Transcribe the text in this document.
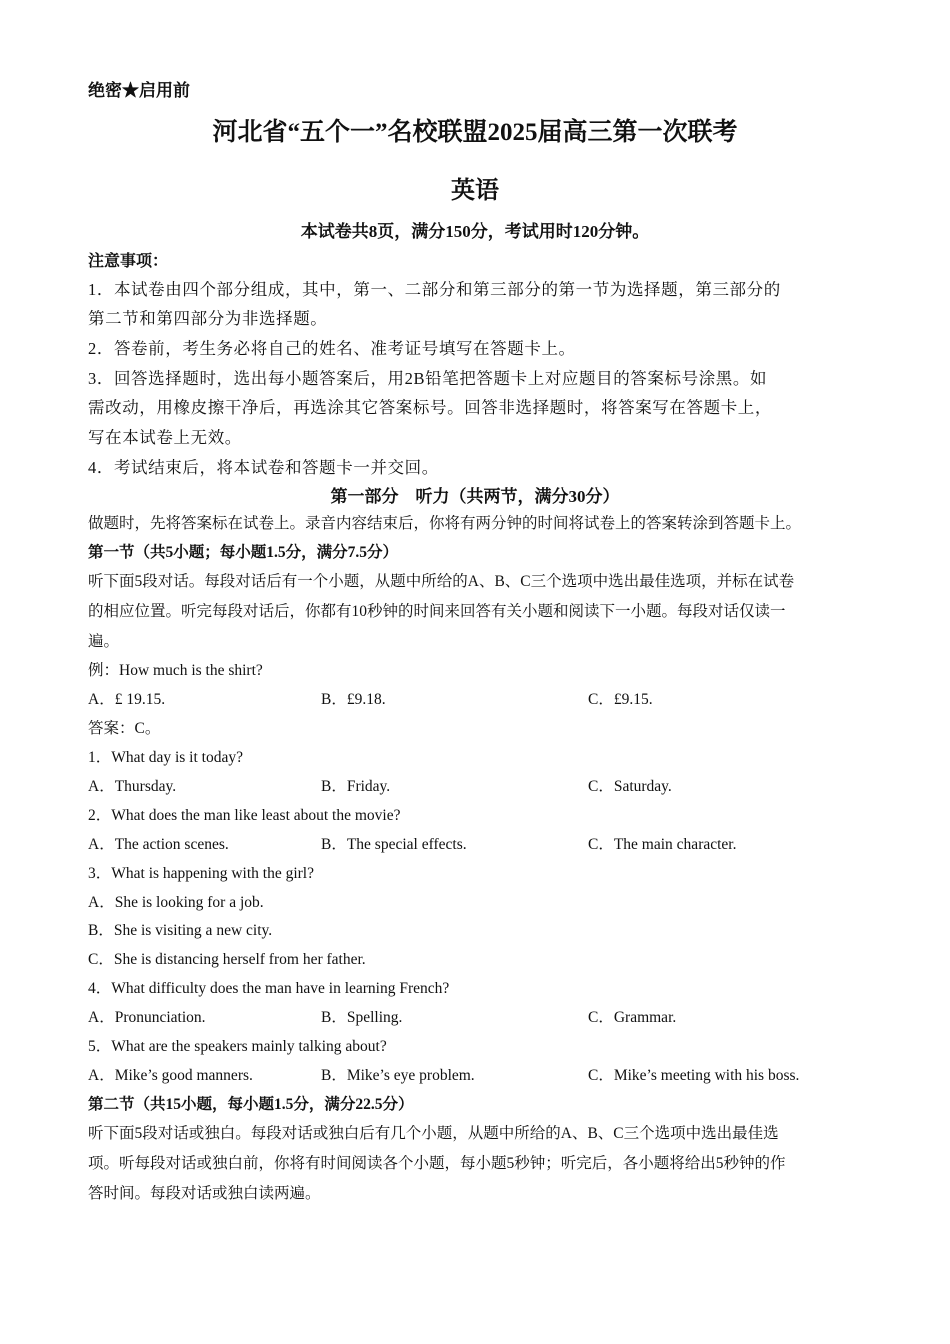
绝密★启用前
河北省“五个一”名校联盟2025届高三第一次联考
英语
本试卷共8页，满分150分，考试用时120分钟。
注意事项：
1．本试卷由四个部分组成，其中，第一、二部分和第三部分的第一节为选择题，第三部分的
第二节和第四部分为非选择题。
2．答卷前，考生务必将自己的姓名、准考证号填写在答题卡上。
3．回答选择题时，选出每小题答案后，用2B铅笔把答题卡上对应题目的答案标号涂黑。如
需改动，用橡皮擦干净后，再选涂其它答案标号。回答非选择题时，将答案写在答题卡上，
写在本试卷上无效。
4．考试结束后，将本试卷和答题卡一并交回。
第一部分　听力（共两节，满分30分）
做题时，先将答案标在试卷上。录音内容结束后，你将有两分钟的时间将试卷上的答案转涂到答题卡上。
第一节（共5小题；每小题1.5分，满分7.5分）
听下面5段对话。每段对话后有一个小题，从题中所给的A、B、C三个选项中选出最佳选项，并标在试卷
的相应位置。听完每段对话后，你都有10秒钟的时间来回答有关小题和阅读下一小题。每段对话仅读一
遍。
例：How much is the shirt?
A．£ 19.15.	B．£9.18.	C．£9.15.
答案：C。
1．What day is it today?
A．Thursday.	B．Friday.	C．Saturday.
2．What does the man like least about the movie?
A．The action scenes.	B．The special effects.	C．The main character.
3．What is happening with the girl?
A．She is looking for a job.
B．She is visiting a new city.
C．She is distancing herself from her father.
4．What difficulty does the man have in learning French?
A．Pronunciation.	B．Spelling.	C．Grammar.
5．What are the speakers mainly talking about?
A．Mike’s good manners.	B．Mike’s eye problem.	C．Mike’s meeting with his boss.
第二节（共15小题，每小题1.5分，满分22.5分）
听下面5段对话或独白。每段对话或独白后有几个小题，从题中所给的A、B、C三个选项中选出最佳选
项。听每段对话或独白前，你将有时间阅读各个小题，每小题5秒钟；听完后，各小题将给出5秒钟的作
答时间。每段对话或独白读两遍。
